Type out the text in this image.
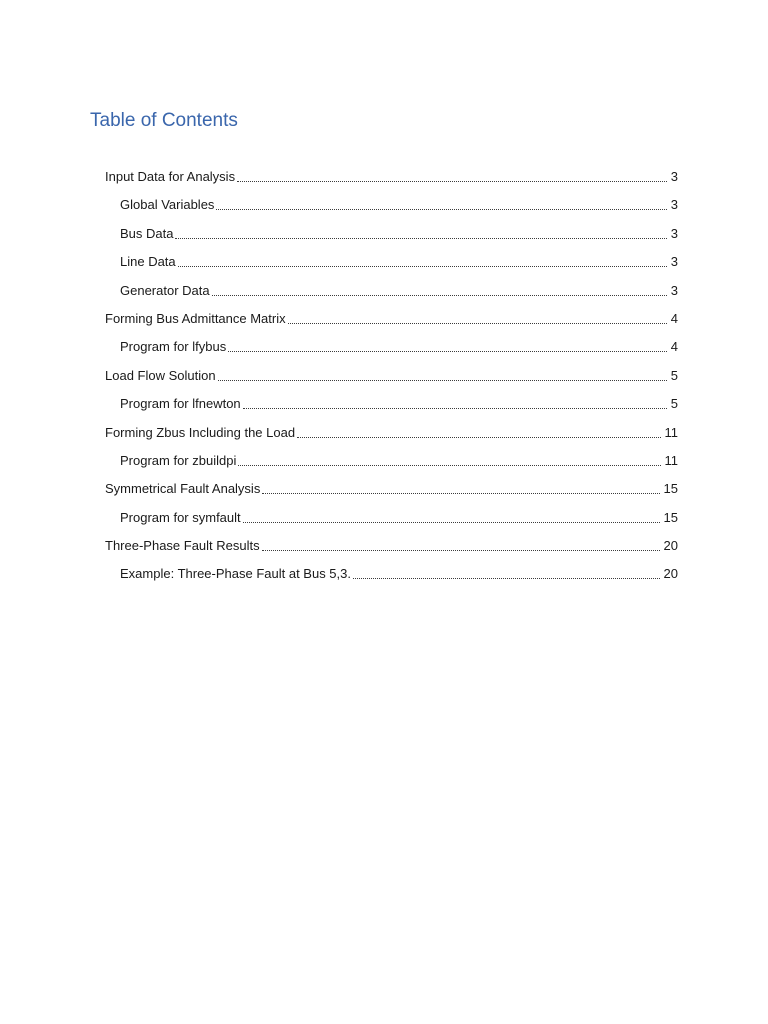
Table of Contents
Input Data for Analysis	3
Global Variables	3
Bus Data	3
Line Data	3
Generator Data	3
Forming Bus Admittance Matrix	4
Program for lfybus	4
Load Flow Solution	5
Program for lfnewton	5
Forming Zbus Including the Load	11
Program for zbuildpi	11
Symmetrical Fault Analysis	15
Program for symfault	15
Three-Phase Fault Results	20
Example: Three-Phase Fault at Bus 5,3.	20
